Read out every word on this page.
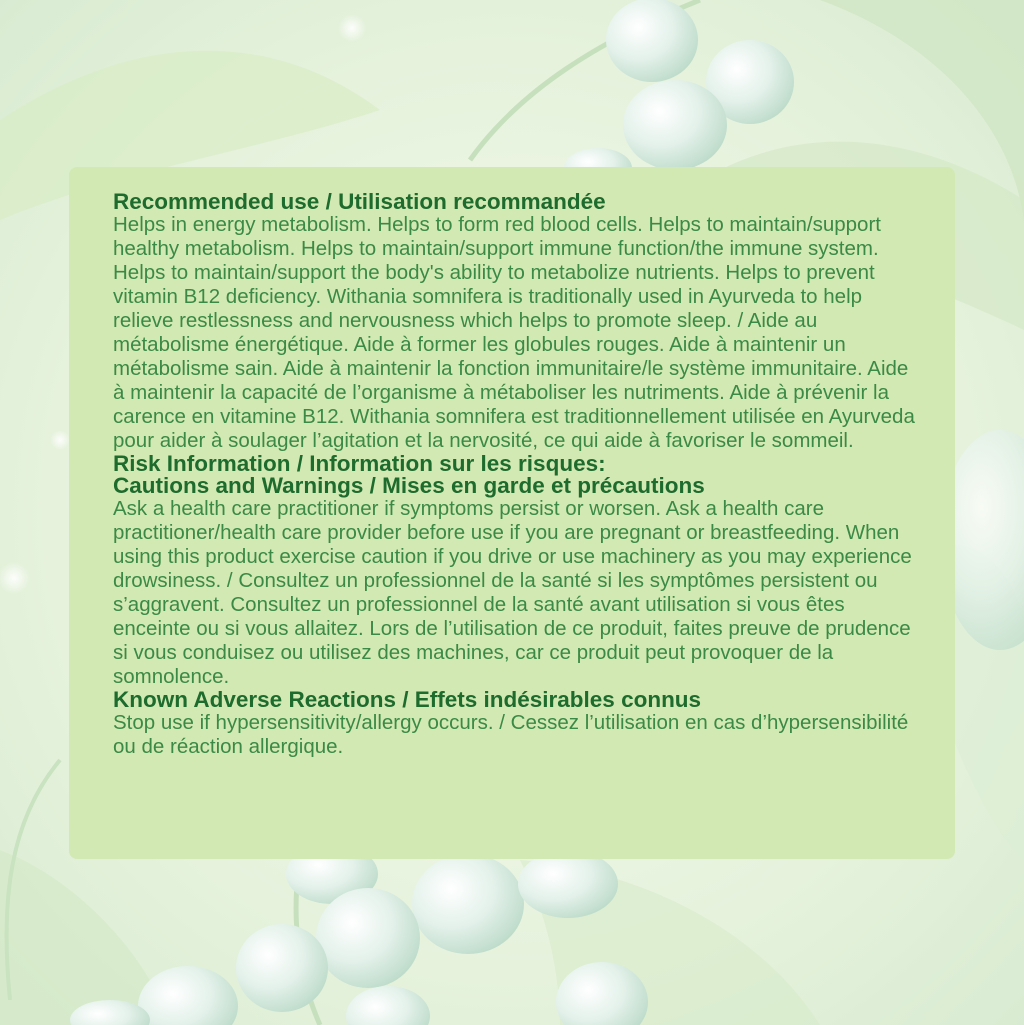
Recommended use / Utilisation recommandée

Helps in energy metabolism. Helps to form red blood cells. Helps to maintain/support healthy metabolism. Helps to maintain/support immune function/the immune system. Helps to maintain/support the body's ability to metabolize nutrients. Helps to prevent vitamin B12 deficiency. Withania somnifera is traditionally used in Ayurveda to help relieve restlessness and nervousness which helps to promote sleep. / Aide au métabolisme énergétique. Aide à former les globules rouges. Aide à maintenir un métabolisme sain. Aide à maintenir la fonction immunitaire/le système immunitaire. Aide à maintenir la capacité de l’organisme à métaboliser les nutriments. Aide à prévenir la carence en vitamine B12. Withania somnifera est traditionnellement utilisée en Ayurveda pour aider à soulager l’agitation et la nervosité, ce qui aide à favoriser le sommeil.

Risk Information / Information sur les risques:
Cautions and Warnings / Mises en garde et précautions

Ask a health care practitioner if symptoms persist or worsen. Ask a health care practitioner/health care provider before use if you are pregnant or breastfeeding. When using this product exercise caution if you drive or use machinery as you may experience drowsiness. / Consultez un professionnel de la santé si les symptômes persistent ou s’aggravent. Consultez un professionnel de la santé avant utilisation si vous êtes enceinte ou si vous allaitez. Lors de l’utilisation de ce produit, faites preuve de prudence si vous conduisez ou utilisez des machines, car ce produit peut provoquer de la somnolence.

Known Adverse Reactions / Effets indésirables connus

Stop use if hypersensitivity/allergy occurs. / Cessez l’utilisation en cas d’hypersensibilité ou de réaction allergique.
